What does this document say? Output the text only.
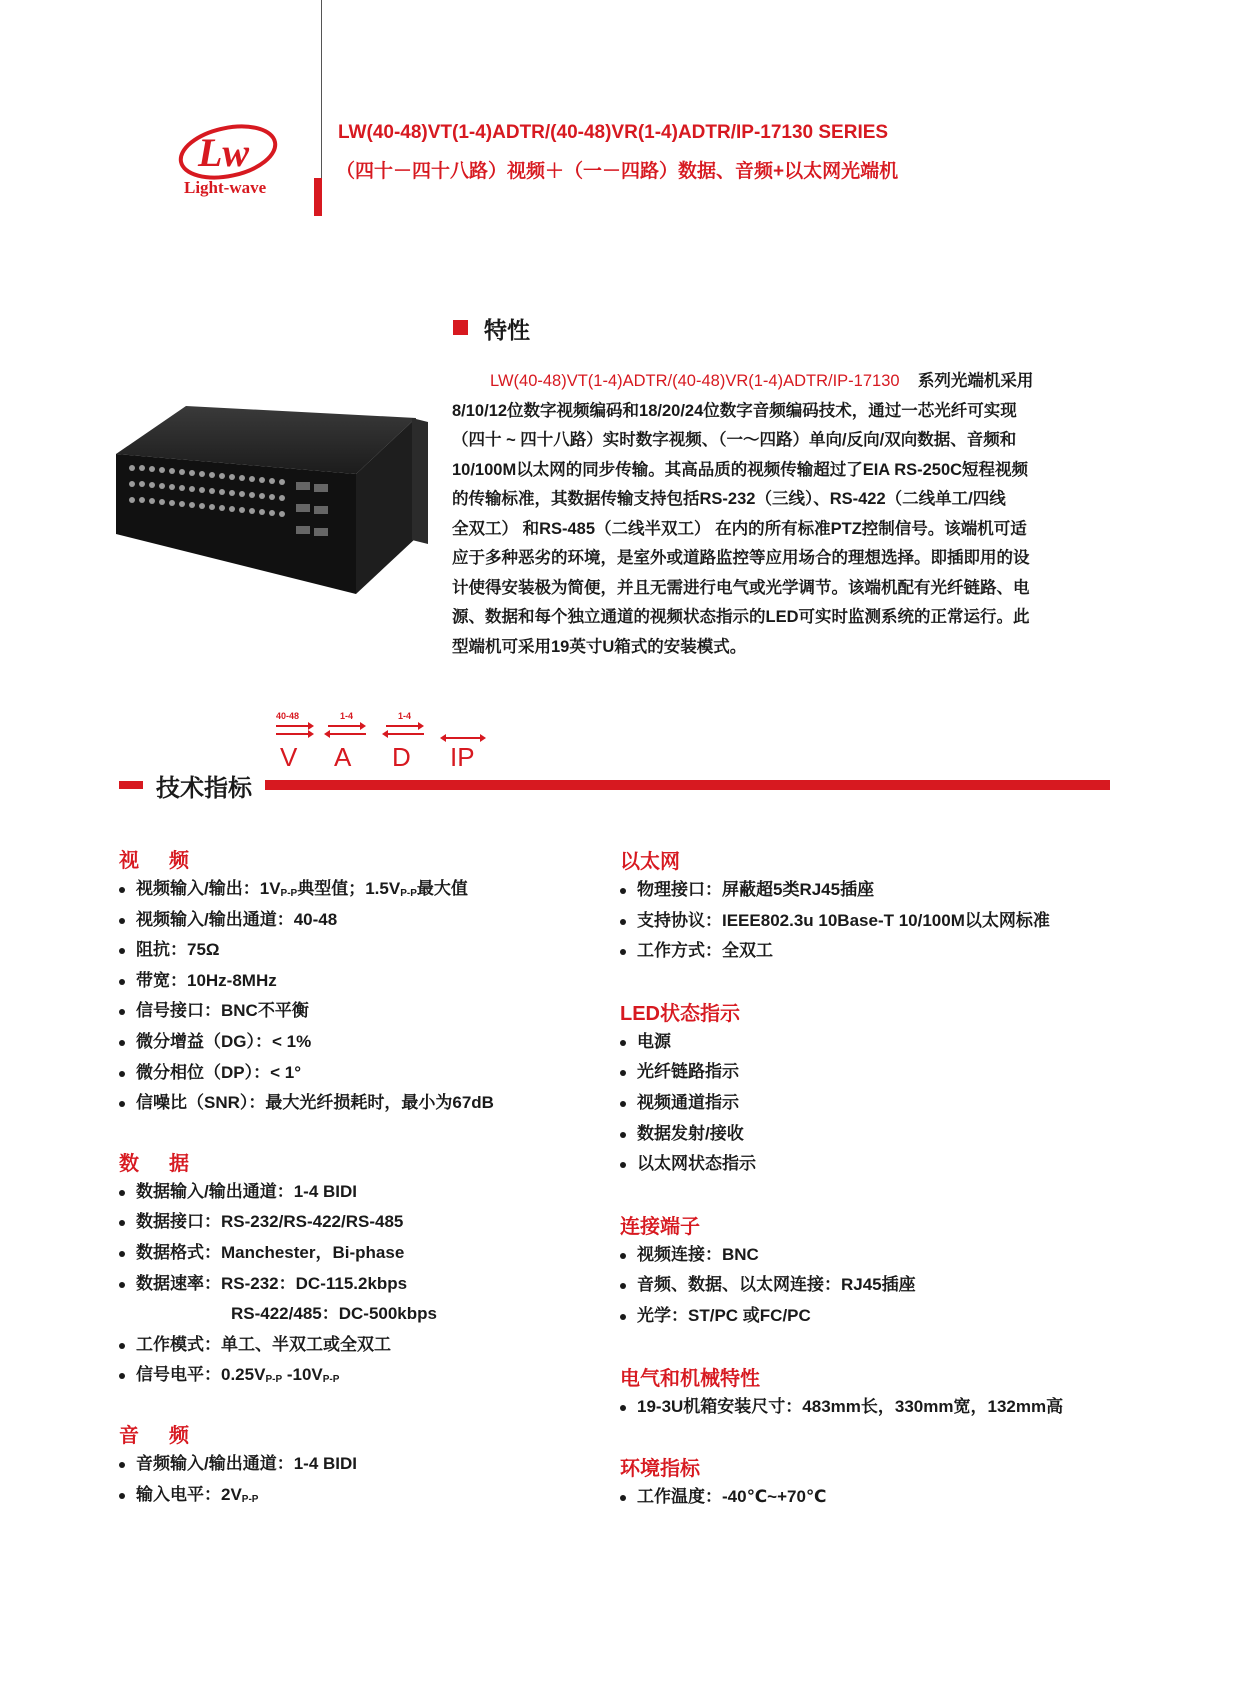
Lw
Light-wave
LW(40-48)VT(1-4)ADTR/(40-48)VR(1-4)ADTR/IP-17130 SERIES
（四十－四十八路）视频＋（一－四路）数据、音频+以太网光端机
特性
LW(40-48)VT(1-4)ADTR/(40-48)VR(1-4)ADTR/IP-17130 系列光端机采用
8/10/12位数字视频编码和18/20/24位数字音频编码技术，通过一芯光纤可实现
（四十 ~ 四十八路）实时数字视频、（一～四路）单向/反向/双向数据、音频和
10/100M以太网的同步传输。其高品质的视频传输超过了EIA RS-250C短程视频
的传输标准，其数据传输支持包括RS-232（三线）、RS-422（二线单工/四线
全双工） 和RS-485（二线半双工） 在内的所有标准PTZ控制信号。该端机可适
应于多种恶劣的环境，是室外或道路监控等应用场合的理想选择。即插即用的设
计使得安装极为简便，并且无需进行电气或光学调节。该端机配有光纤链路、电
源、数据和每个独立通道的视频状态指示的LED可实时监测系统的正常运行。此
型端机可采用19英寸U箱式的安装模式。
40-48	1-4	1-4
V A D IP
技术指标
视频
视频输入/输出：$1V_{P-P}$典型值；$1.5V_{P-P}$最大值
视频输入/输出通道：40-48
阻抗：75Ω
带宽：10Hz-8MHz
信号接口：BNC不平衡
微分增益（DG）：< 1%
微分相位（DP）：< 1°
信噪比（SNR）：最大光纤损耗时，最小为67dB
数据
数据输入/输出通道：1-4 BIDI
数据接口：RS-232/RS-422/RS-485
数据格式：Manchester，Bi-phase
数据速率：RS-232：DC-115.2kbps
RS-422/485：DC-500kbps
工作模式：单工、半双工或全双工
信号电平：$0.25V_{P-P}$ $-10V_{P-P}$
音频
音频输入/输出通道：1-4 BIDI
输入电平：$2V_{P-P}$
以太网
物理接口：屏蔽超5类RJ45插座
支持协议：IEEE802.3u 10Base-T 10/100M以太网标准
工作方式：全双工
LED状态指示
电源
光纤链路指示
视频通道指示
数据发射/接收
以太网状态指示
连接端子
视频连接：BNC
音频、数据、以太网连接：RJ45插座
光学：ST/PC 或FC/PC
电气和机械特性
19-3U机箱安装尺寸：483mm长，330mm宽，132mm高
环境指标
工作温度：-40℃~+70℃
